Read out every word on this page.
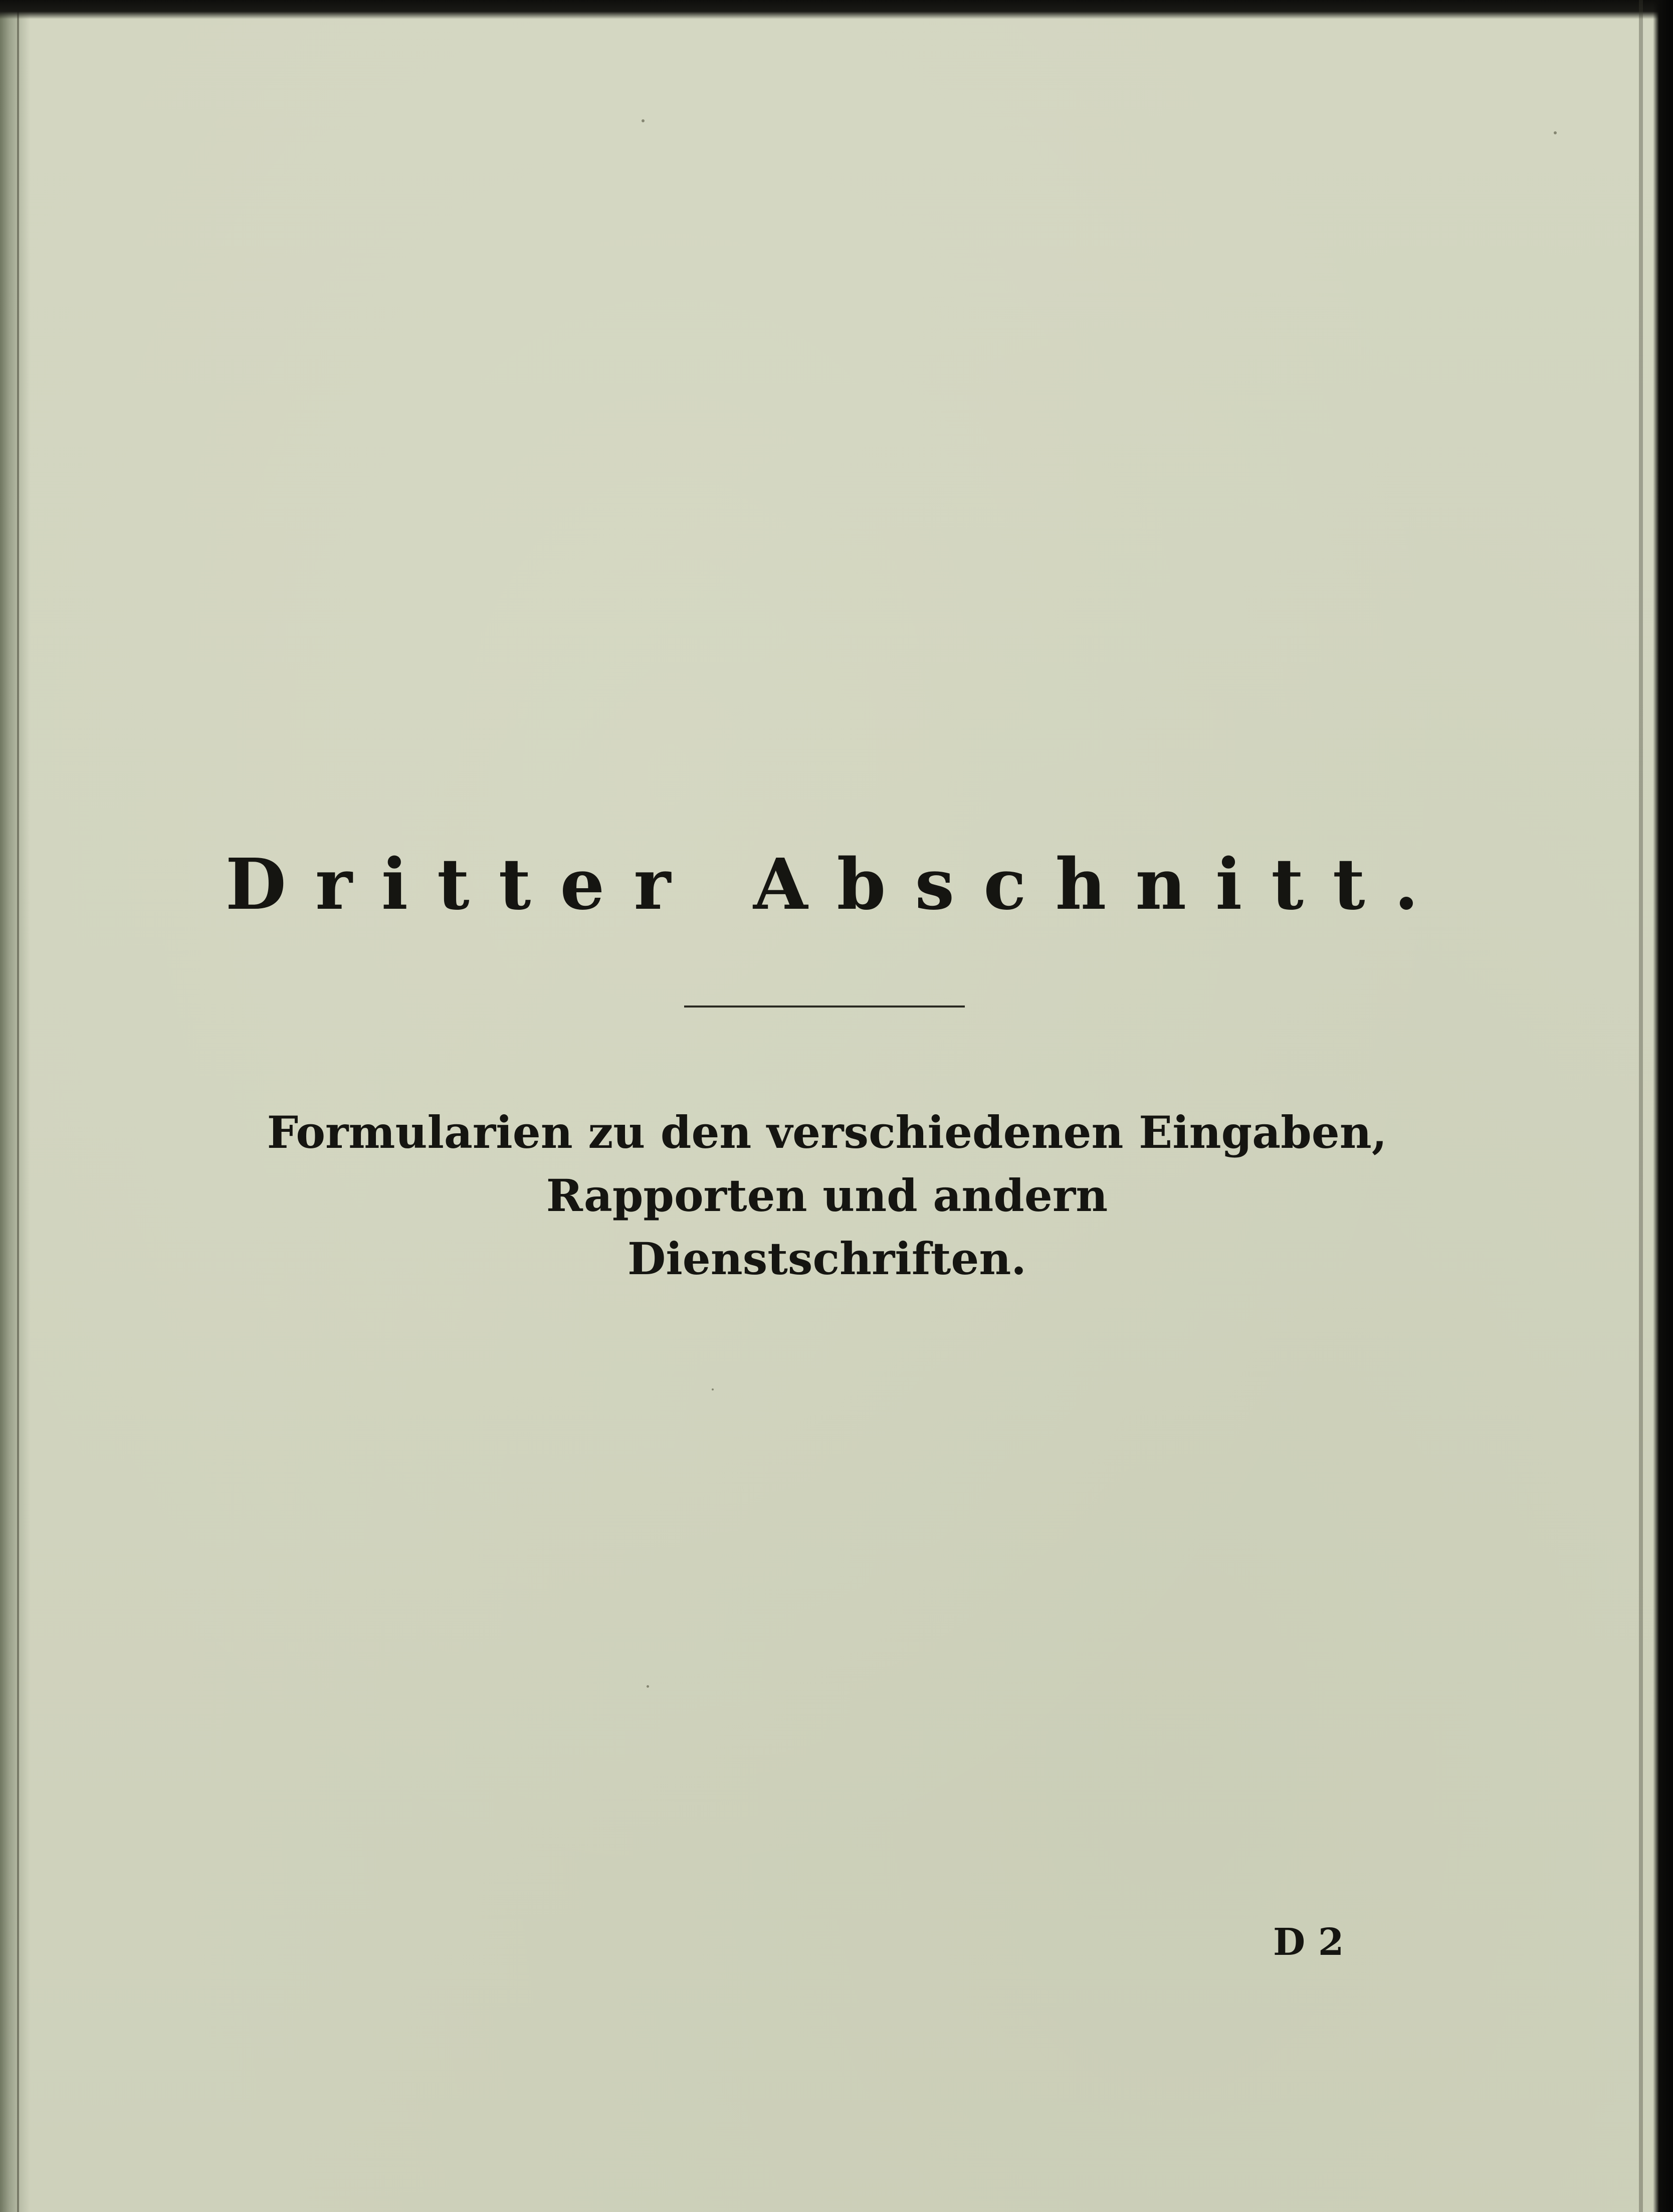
Dritter Abschnitt.
Formularien zu den verschiedenen Eingaben, Rapporten und andern
Dienstschriften.
D 2
